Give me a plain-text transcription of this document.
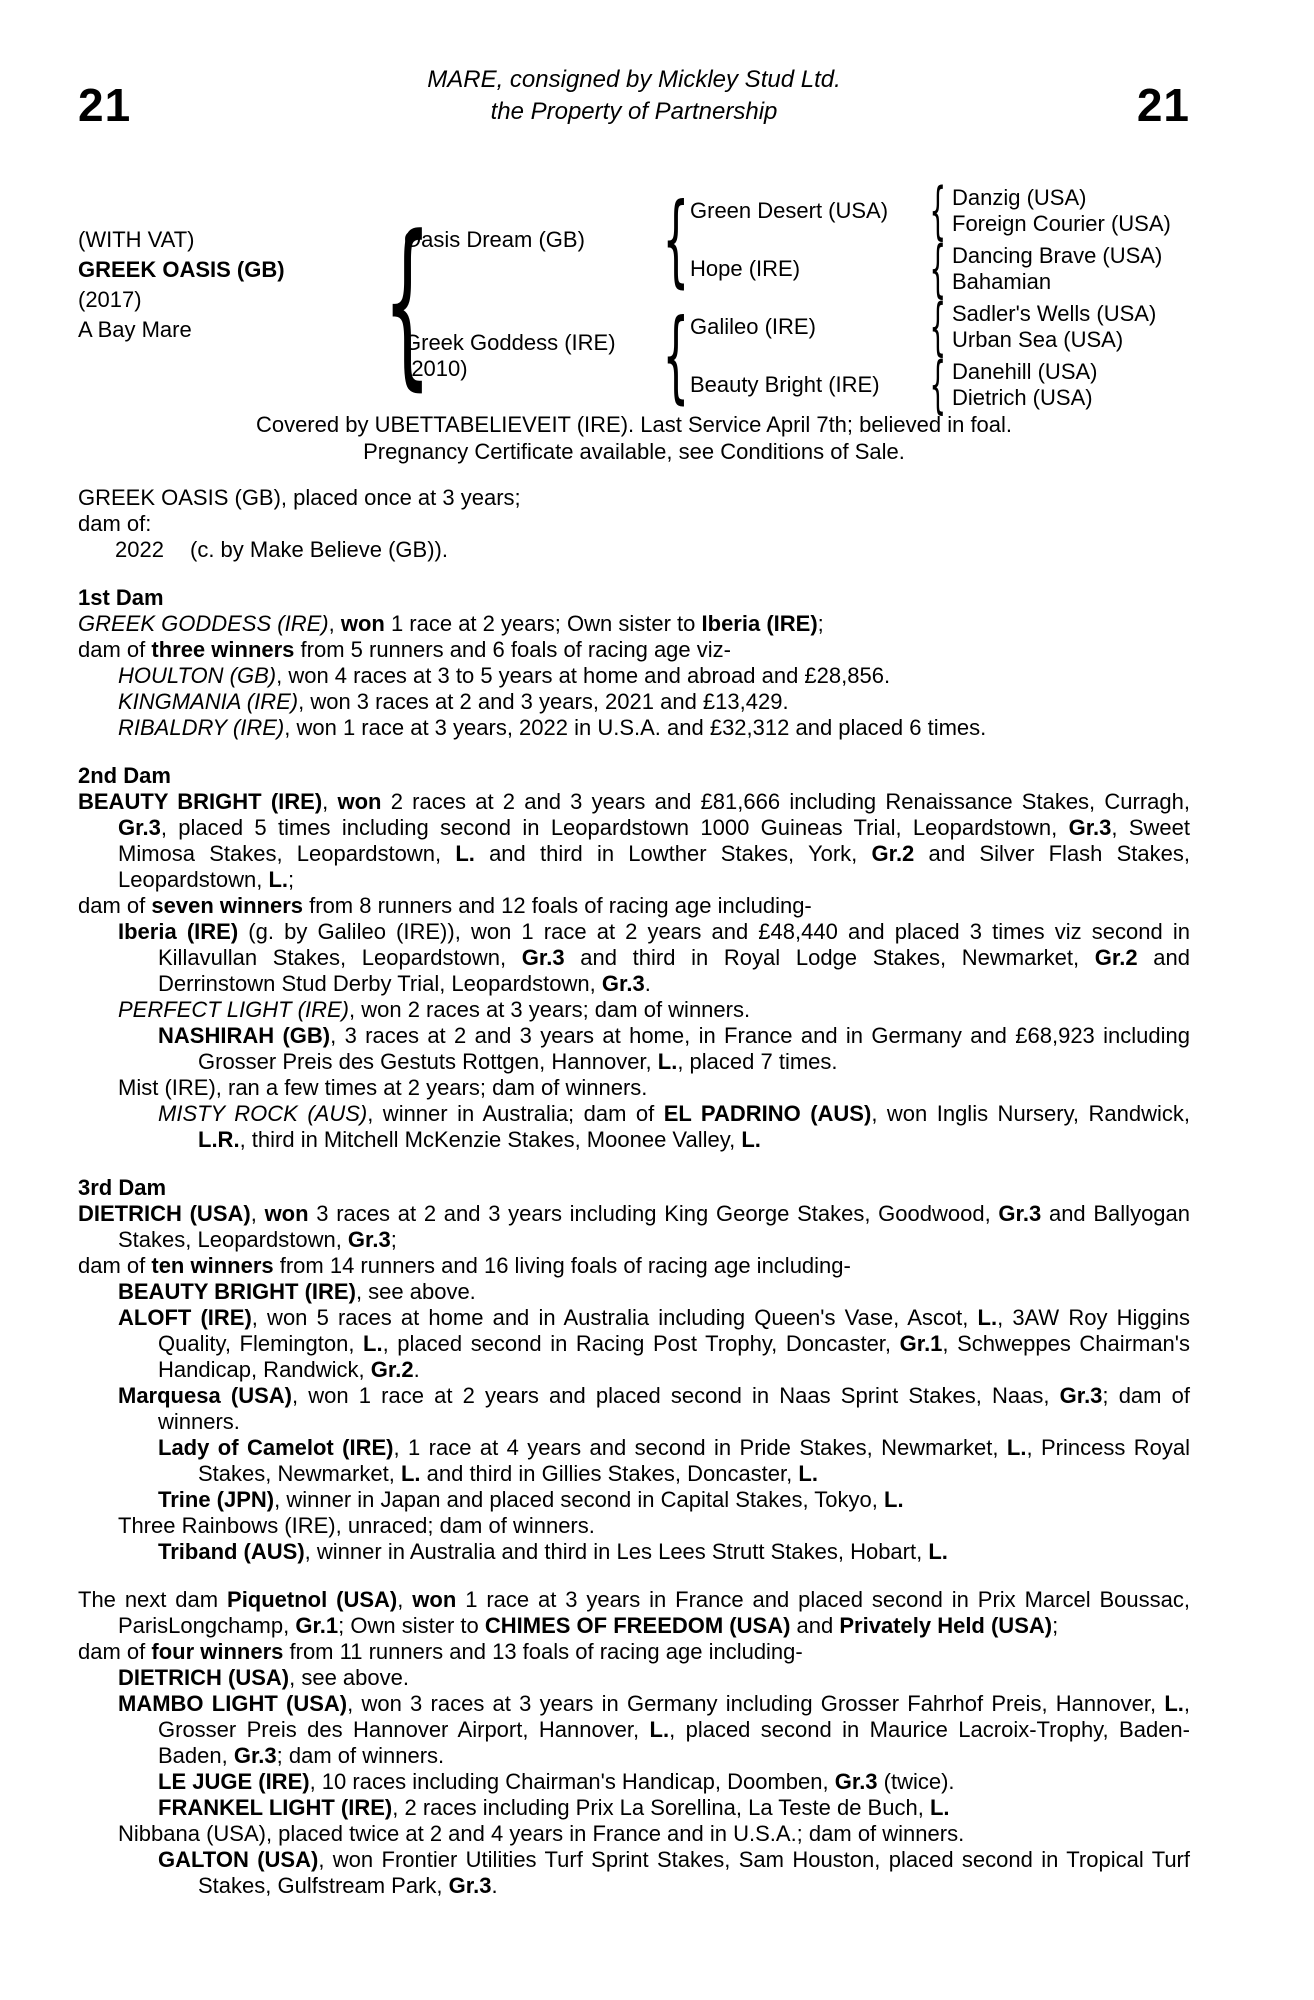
21	21
MARE, consigned by Mickley Stud Ltd.
the Property of Partnership
(WITH VAT)
GREEK OASIS (GB)
(2017)
A Bay Mare
{
{
{
{
{
{
{
Oasis Dream (GB)
Greek Goddess (IRE)
(2010)
Green Desert (USA)
Hope (IRE)
Galileo (IRE)
Beauty Bright (IRE)
Danzig (USA)
Foreign Courier (USA)
Dancing Brave (USA)
Bahamian
Sadler's Wells (USA)
Urban Sea (USA)
Danehill (USA)
Dietrich (USA)

Covered by UBETTABELIEVEIT (IRE). Last Service April 7th; believed in foal.

Pregnancy Certificate available, see Conditions of Sale.

GREEK OASIS (GB), placed once at 3 years;

dam of:

2022	(c. by Make Believe (GB)).

1st Dam

GREEK GODDESS (IRE), won 1 race at 2 years; Own sister to Iberia (IRE);

dam of three winners from 5 runners and 6 foals of racing age viz-

HOULTON (GB), won 4 races at 3 to 5 years at home and abroad and £28,856.

KINGMANIA (IRE), won 3 races at 2 and 3 years, 2021 and £13,429.

RIBALDRY (IRE), won 1 race at 3 years, 2022 in U.S.A. and £32,312 and placed 6 times.

2nd Dam

BEAUTY BRIGHT (IRE), won 2 races at 2 and 3 years and £81,666 including Renaissance Stakes, Curragh, Gr.3, placed 5 times including second in Leopardstown 1000 Guineas Trial, Leopardstown, Gr.3, Sweet Mimosa Stakes, Leopardstown, L. and third in Lowther Stakes, York, Gr.2 and Silver Flash Stakes, Leopardstown, L.;

dam of seven winners from 8 runners and 12 foals of racing age including-

Iberia (IRE) (g. by Galileo (IRE)), won 1 race at 2 years and £48,440 and placed 3 times viz second in Killavullan Stakes, Leopardstown, Gr.3 and third in Royal Lodge Stakes, Newmarket, Gr.2 and Derrinstown Stud Derby Trial, Leopardstown, Gr.3.

PERFECT LIGHT (IRE), won 2 races at 3 years; dam of winners.

NASHIRAH (GB), 3 races at 2 and 3 years at home, in France and in Germany and £68,923 including Grosser Preis des Gestuts Rottgen, Hannover, L., placed 7 times.

Mist (IRE), ran a few times at 2 years; dam of winners.

MISTY ROCK (AUS), winner in Australia; dam of EL PADRINO (AUS), won Inglis Nursery, Randwick, L.R., third in Mitchell McKenzie Stakes, Moonee Valley, L.

3rd Dam

DIETRICH (USA), won 3 races at 2 and 3 years including King George Stakes, Goodwood, Gr.3 and Ballyogan Stakes, Leopardstown, Gr.3;

dam of ten winners from 14 runners and 16 living foals of racing age including-

BEAUTY BRIGHT (IRE), see above.

ALOFT (IRE), won 5 races at home and in Australia including Queen's Vase, Ascot, L., 3AW Roy Higgins Quality, Flemington, L., placed second in Racing Post Trophy, Doncaster, Gr.1, Schweppes Chairman's Handicap, Randwick, Gr.2.

Marquesa (USA), won 1 race at 2 years and placed second in Naas Sprint Stakes, Naas, Gr.3; dam of winners.

Lady of Camelot (IRE), 1 race at 4 years and second in Pride Stakes, Newmarket, L., Princess Royal Stakes, Newmarket, L. and third in Gillies Stakes, Doncaster, L.

Trine (JPN), winner in Japan and placed second in Capital Stakes, Tokyo, L.

Three Rainbows (IRE), unraced; dam of winners.

Triband (AUS), winner in Australia and third in Les Lees Strutt Stakes, Hobart, L.

The next dam Piquetnol (USA), won 1 race at 3 years in France and placed second in Prix Marcel Boussac, ParisLongchamp, Gr.1; Own sister to CHIMES OF FREEDOM (USA) and Privately Held (USA);

dam of four winners from 11 runners and 13 foals of racing age including-

DIETRICH (USA), see above.

MAMBO LIGHT (USA), won 3 races at 3 years in Germany including Grosser Fahrhof Preis, Hannover, L., Grosser Preis des Hannover Airport, Hannover, L., placed second in Maurice Lacroix-Trophy, Baden-Baden, Gr.3; dam of winners.

LE JUGE (IRE), 10 races including Chairman's Handicap, Doomben, Gr.3 (twice).

FRANKEL LIGHT (IRE), 2 races including Prix La Sorellina, La Teste de Buch, L.

Nibbana (USA), placed twice at 2 and 4 years in France and in U.S.A.; dam of winners.

GALTON (USA), won Frontier Utilities Turf Sprint Stakes, Sam Houston, placed second in Tropical Turf Stakes, Gulfstream Park, Gr.3.
